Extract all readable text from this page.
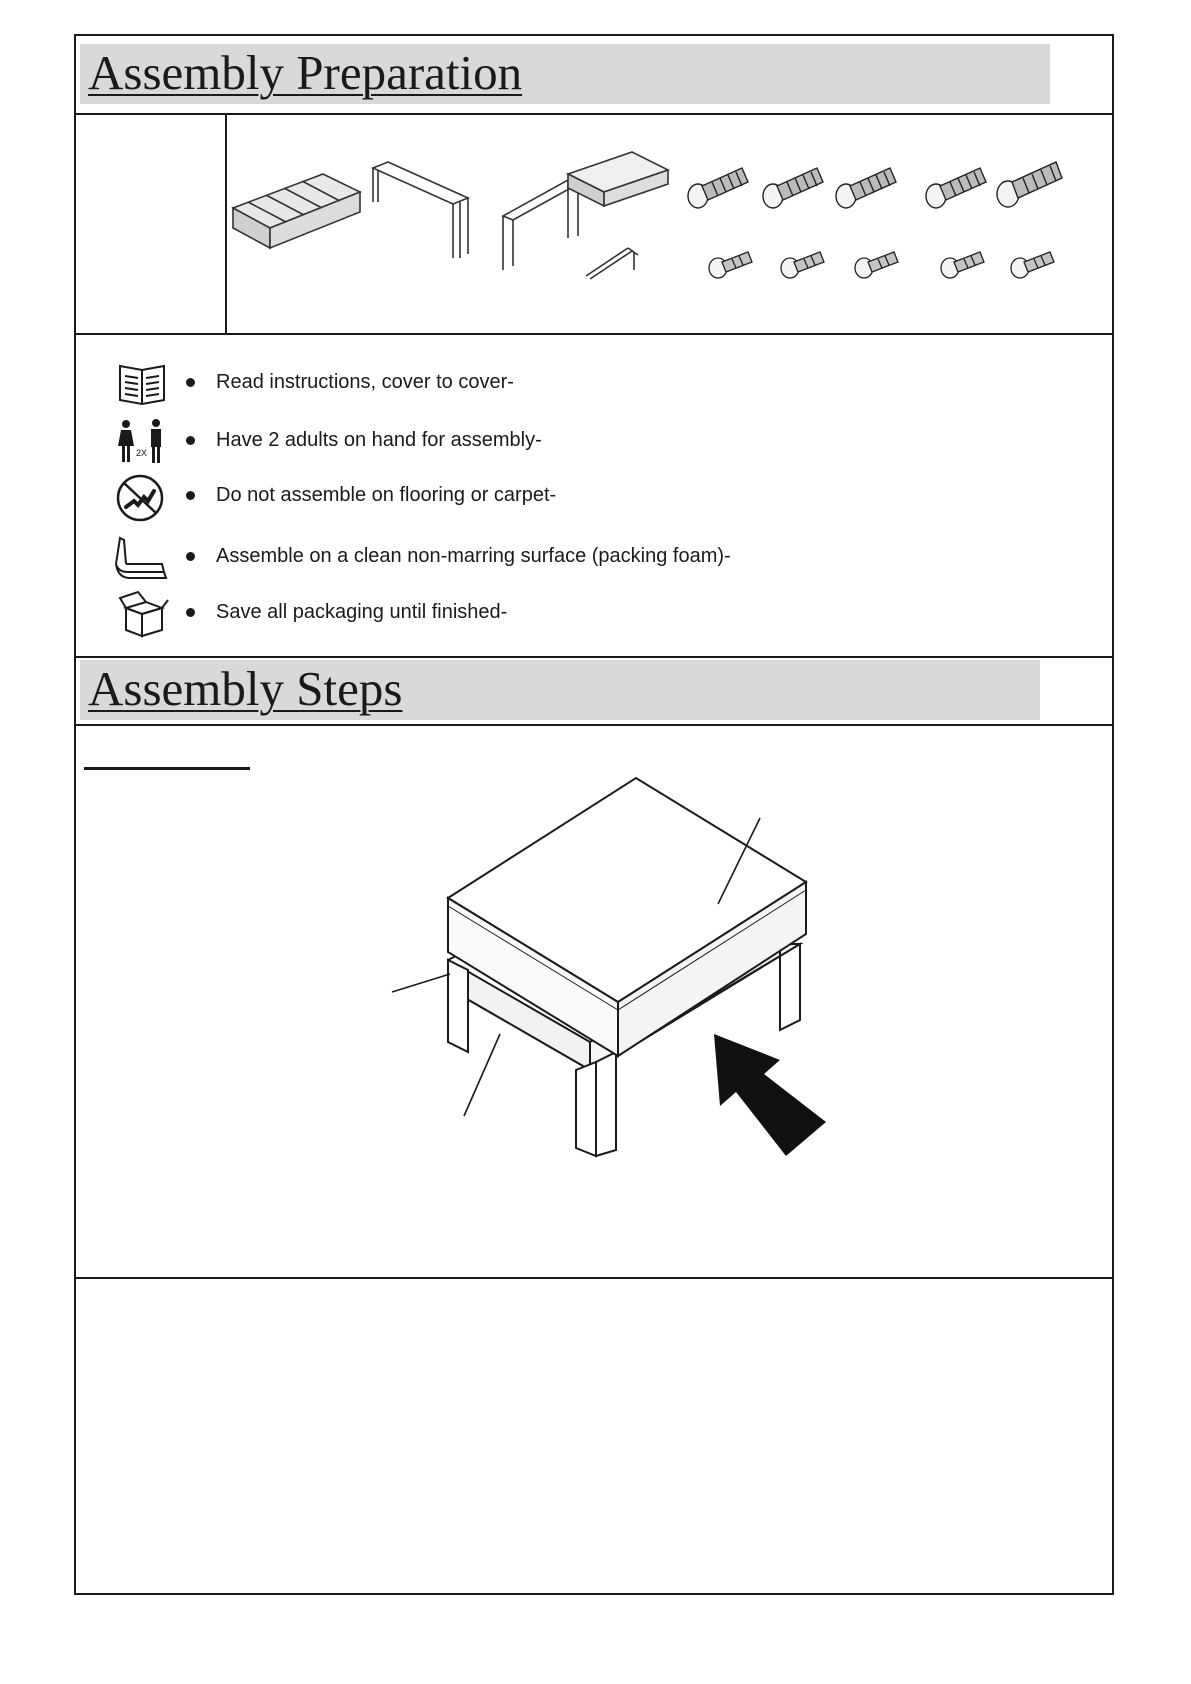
Assembly Preparation
Read instructions, cover to cover-
2X
Have 2 adults on hand for assembly-
Do not assemble on flooring or carpet-
Assemble on a clean non-marring surface (packing foam)-
Save all packaging until finished-
Assembly Steps
